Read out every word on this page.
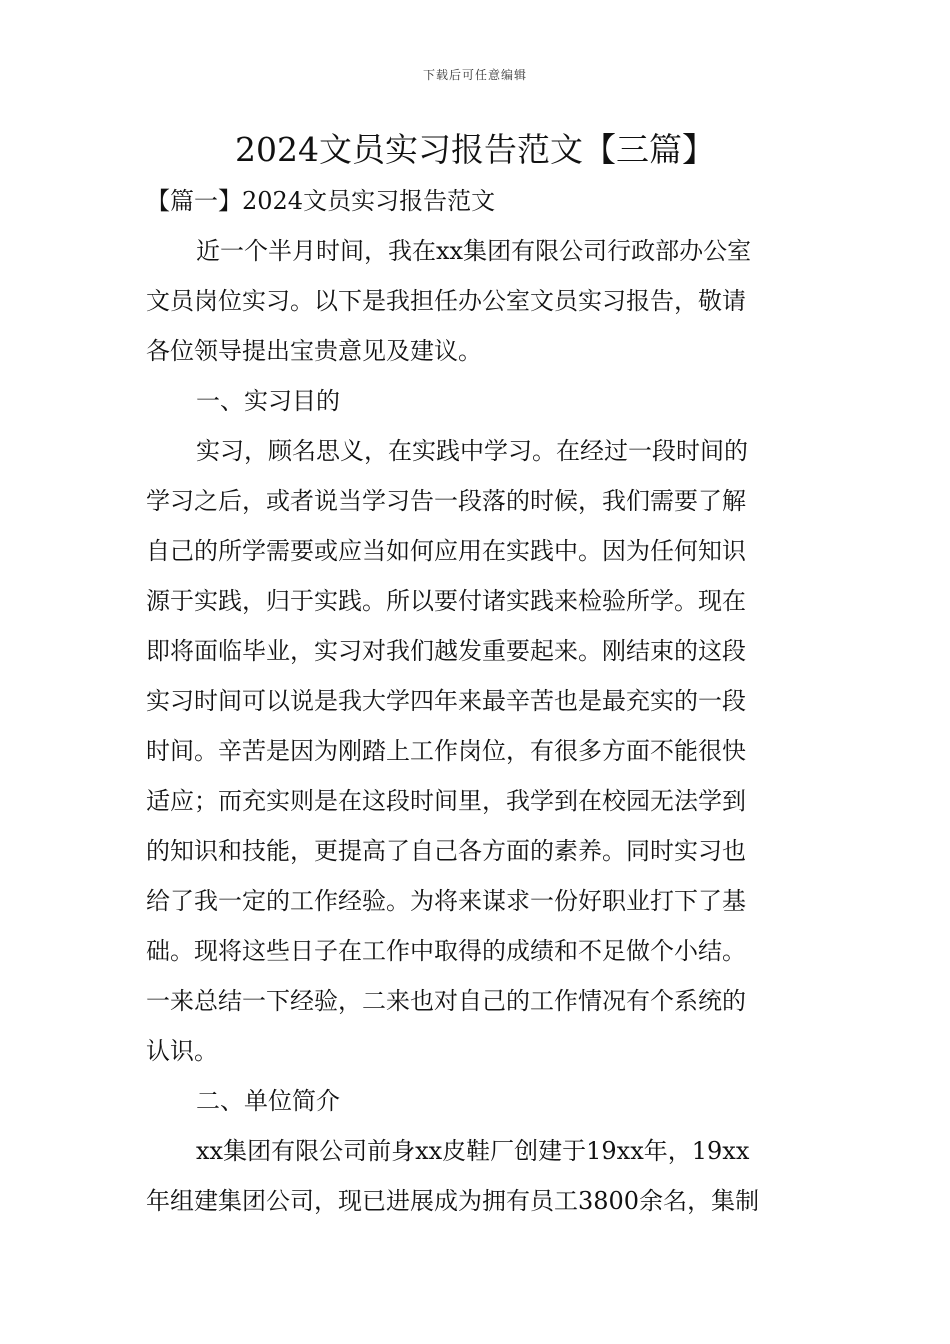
下载后可任意编辑
2024文员实习报告范文【三篇】
【篇一】2024文员实习报告范文
近一个半月时间，我在xx集团有限公司行政部办公室
文员岗位实习。以下是我担任办公室文员实习报告，敬请
各位领导提出宝贵意见及建议。
一、实习目的
实习，顾名思义，在实践中学习。在经过一段时间的
学习之后，或者说当学习告一段落的时候，我们需要了解
自己的所学需要或应当如何应用在实践中。因为任何知识
源于实践，归于实践。所以要付诸实践来检验所学。现在
即将面临毕业，实习对我们越发重要起来。刚结束的这段
实习时间可以说是我大学四年来最辛苦也是最充实的一段
时间。辛苦是因为刚踏上工作岗位，有很多方面不能很快
适应；而充实则是在这段时间里，我学到在校园无法学到
的知识和技能，更提高了自己各方面的素养。同时实习也
给了我一定的工作经验。为将来谋求一份好职业打下了基
础。现将这些日子在工作中取得的成绩和不足做个小结。
一来总结一下经验，二来也对自己的工作情况有个系统的
认识。
二、单位简介
xx集团有限公司前身xx皮鞋厂创建于19xx年，19xx
年组建集团公司，现已进展成为拥有员工3800余名，集制
